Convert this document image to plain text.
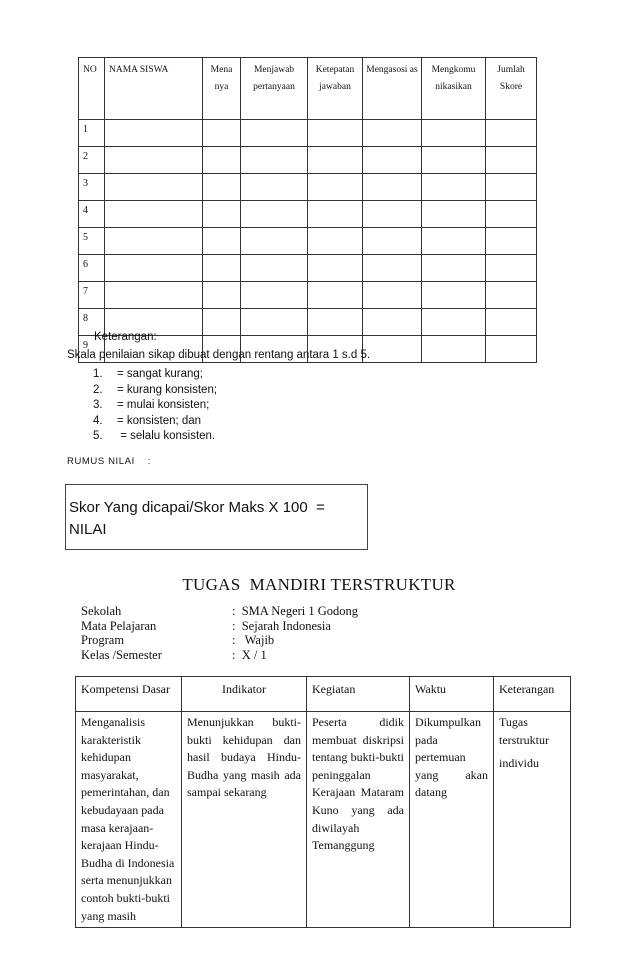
NO	NAMA SISWA	Mena nya	Menjawab pertanyaan	Ketepatan jawaban	Mengasosi as	Mengkomu nikasikan	Jumlah Skore
1							
2							
3							
4							
5							
6							
7							
8							
9							
Keterangan:
Skala penilaian sikap dibuat dengan rentang antara 1 s.d 5.
1. = sangat kurang;
2. = kurang konsisten;
3. = mulai konsisten;
4. = konsisten; dan
5. = selalu konsisten.
RUMUS NILAI    :
Skor Yang dicapai/Skor Maks X 100  =
NILAI
TUGAS  MANDIRI TERSTRUKTUR
Sekolah	:  SMA Negeri 1 Godong
Mata Pelajaran	:  Sejarah Indonesia
Program	:   Wajib
Kelas /Semester	:  X / 1
Kompetensi Dasar	Indikator	Kegiatan	Waktu	Keterangan
Menganalisis karakteristik kehidupan masyarakat, pemerintahan, dan kebudayaan pada masa kerajaan-kerajaan Hindu-Budha di Indonesia serta menunjukkan contoh bukti-bukti yang masih	Menunjukkan bukti-bukti kehidupan dan hasil budaya Hindu-Budha yang masih ada sampai sekarang	Peserta didik membuat diskripsi tentang bukti-bukti peninggalan Kerajaan Mataram Kuno yang ada diwilayah Temanggung	Dikumpulkan pada pertemuan yang akan datang	Tugas terstruktur
individu
